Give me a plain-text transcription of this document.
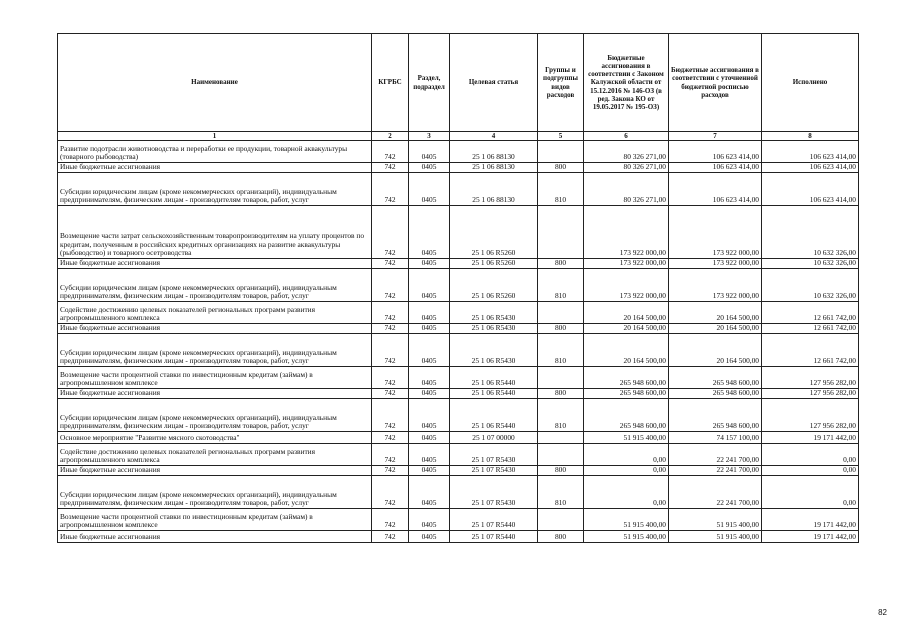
Наименование	КГРБС	Раздел, подраздел	Целевая статья	Группы и подгруппы видов расходов	Бюджетные ассигнования в соответствии с Законом Калужской области от 15.12.2016 № 146-ОЗ (в ред. Закона КО от 19.05.2017 № 195-ОЗ)	Бюджетные ассигнования в соответствии с уточненной бюджетной росписью расходов	Исполнено
1	2	3	4	5	6	7	8
Развитие подотрасли животноводства и переработки ее продукции, товарной аквакультуры (товарного рыбоводства)	742	0405	25 1 06 88130		80 326 271,00	106 623 414,00	106 623 414,00
Иные бюджетные ассигнования	742	0405	25 1 06 88130	800	80 326 271,00	106 623 414,00	106 623 414,00
Субсидии юридическим лицам (кроме некоммерческих организаций), индивидуальным предпринимателям, физическим лицам - производителям товаров, работ, услуг	742	0405	25 1 06 88130	810	80 326 271,00	106 623 414,00	106 623 414,00
Возмещение части затрат сельскохозяйственным товаропроизводителям на уплату процентов по кредитам, полученным в российских кредитных организациях на развитие аквакультуры (рыбоводство) и товарного осетроводства	742	0405	25 1 06 R5260		173 922 000,00	173 922 000,00	10 632 326,00
Иные бюджетные ассигнования	742	0405	25 1 06 R5260	800	173 922 000,00	173 922 000,00	10 632 326,00
Субсидии юридическим лицам (кроме некоммерческих организаций), индивидуальным предпринимателям, физическим лицам - производителям товаров, работ, услуг	742	0405	25 1 06 R5260	810	173 922 000,00	173 922 000,00	10 632 326,00
Содействие достижению целевых показателей региональных программ развития агропромышленного комплекса	742	0405	25 1 06 R5430		20 164 500,00	20 164 500,00	12 661 742,00
Иные бюджетные ассигнования	742	0405	25 1 06 R5430	800	20 164 500,00	20 164 500,00	12 661 742,00
Субсидии юридическим лицам (кроме некоммерческих организаций), индивидуальным предпринимателям, физическим лицам - производителям товаров, работ, услуг	742	0405	25 1 06 R5430	810	20 164 500,00	20 164 500,00	12 661 742,00
Возмещение части процентной ставки по инвестиционным кредитам (займам) в агропромышленном комплексе	742	0405	25 1 06 R5440		265 948 600,00	265 948 600,00	127 956 282,00
Иные бюджетные ассигнования	742	0405	25 1 06 R5440	800	265 948 600,00	265 948 600,00	127 956 282,00
Субсидии юридическим лицам (кроме некоммерческих организаций), индивидуальным предпринимателям, физическим лицам - производителям товаров, работ, услуг	742	0405	25 1 06 R5440	810	265 948 600,00	265 948 600,00	127 956 282,00
Основное мероприятие "Развитие мясного скотоводства"	742	0405	25 1 07 00000		51 915 400,00	74 157 100,00	19 171 442,00
Содействие достижению целевых показателей региональных программ развития агропромышленного комплекса	742	0405	25 1 07 R5430		0,00	22 241 700,00	0,00
Иные бюджетные ассигнования	742	0405	25 1 07 R5430	800	0,00	22 241 700,00	0,00
Субсидии юридическим лицам (кроме некоммерческих организаций), индивидуальным предпринимателям, физическим лицам - производителям товаров, работ, услуг	742	0405	25 1 07 R5430	810	0,00	22 241 700,00	0,00
Возмещение части процентной ставки по инвестиционным кредитам (займам) в агропромышленном комплексе	742	0405	25 1 07 R5440		51 915 400,00	51 915 400,00	19 171 442,00
Иные бюджетные ассигнования	742	0405	25 1 07 R5440	800	51 915 400,00	51 915 400,00	19 171 442,00
82
